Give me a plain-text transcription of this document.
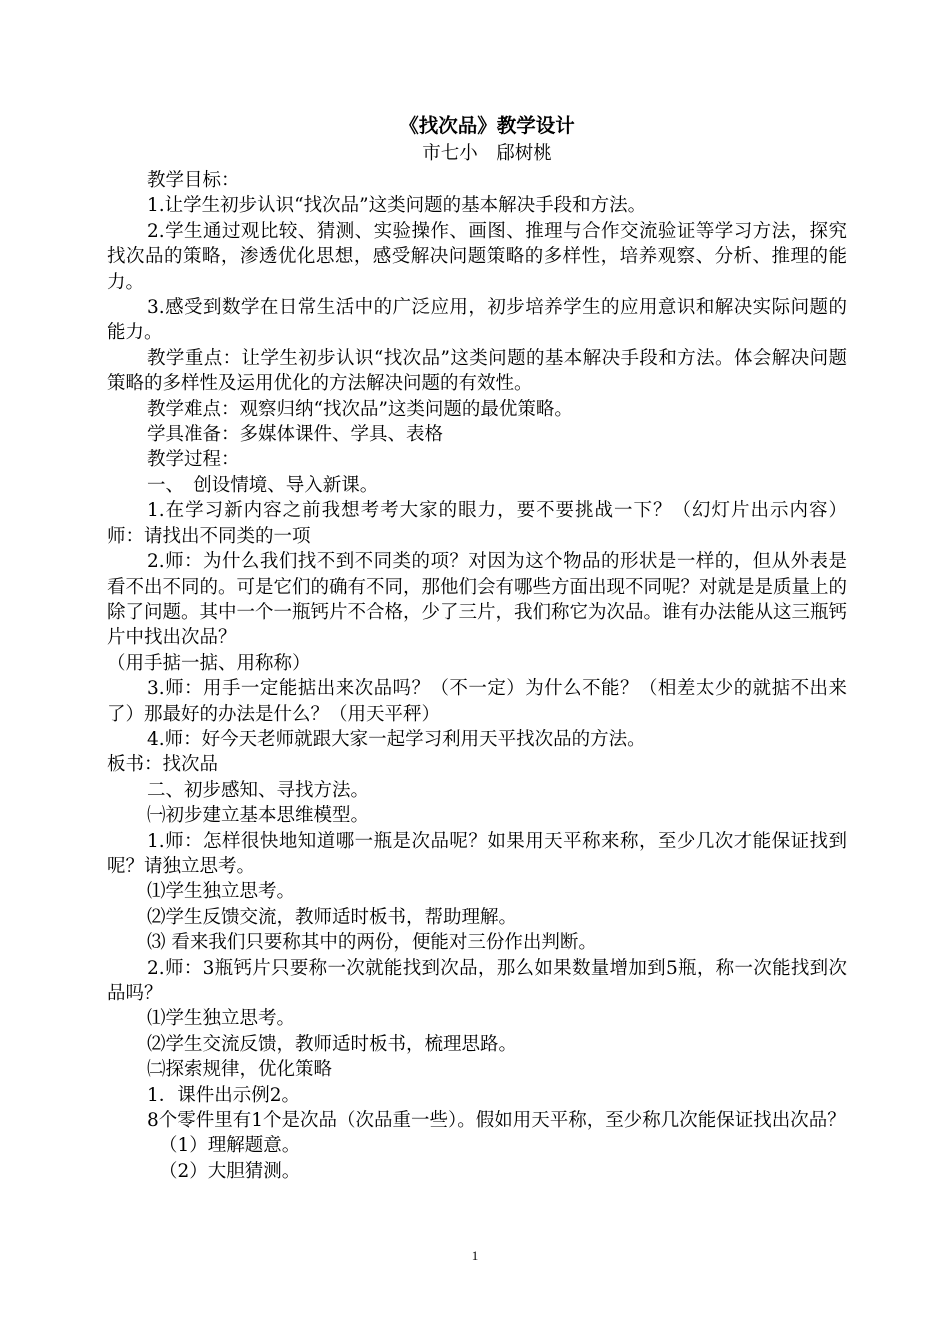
《找次品》教学设计
市七小　郈树桃

教学目标：

1.让学生初步认识“找次品”这类问题的基本解决手段和方法。

2.学生通过观比较、猜测、实验操作、画图、推理与合作交流验证等学习方法，探究找次品的策略，渗透优化思想，感受解决问题策略的多样性，培养观察、分析、推理的能力。

3.感受到数学在日常生活中的广泛应用，初步培养学生的应用意识和解决实际问题的能力。

教学重点：让学生初步认识“找次品”这类问题的基本解决手段和方法。体会解决问题策略的多样性及运用优化的方法解决问题的有效性。

教学难点：观察归纳“找次品”这类问题的最优策略。

学具准备：多媒体课件、学具、表格

教学过程：

一、　创设情境、导入新课。

1.在学习新内容之前我想考考大家的眼力，要不要挑战一下？（幻灯片出示内容）师：请找出不同类的一项

2.师：为什么我们找不到不同类的项？对因为这个物品的形状是一样的，但从外表是看不出不同的。可是它们的确有不同，那他们会有哪些方面出现不同呢？对就是是质量上的除了问题。其中一个一瓶钙片不合格，少了三片，我们称它为次品。谁有办法能从这三瓶钙片中找出次品？

（用手掂一掂、用称称）

3.师：用手一定能掂出来次品吗？（不一定）为什么不能？（相差太少的就掂不出来了）那最好的办法是什么？（用天平秤）

4.师：好今天老师就跟大家一起学习利用天平找次品的方法。

板书：找次品

二、初步感知、寻找方法。

㈠初步建立基本思维模型。

1.师：怎样很快地知道哪一瓶是次品呢？如果用天平称来称，至少几次才能保证找到呢？请独立思考。

⑴学生独立思考。

⑵学生反馈交流，教师适时板书，帮助理解。

⑶ 看来我们只要称其中的两份，便能对三份作出判断。

2.师：3瓶钙片只要称一次就能找到次品，那么如果数量增加到5瓶，称一次能找到次品吗？

⑴学生独立思考。

⑵学生交流反馈，教师适时板书，梳理思路。

㈡探索规律，优化策略

1．课件出示例2。

8个零件里有1个是次品（次品重一些）。假如用天平称，至少称几次能保证找出次品？

（1）理解题意。

（2）大胆猜测。

1
